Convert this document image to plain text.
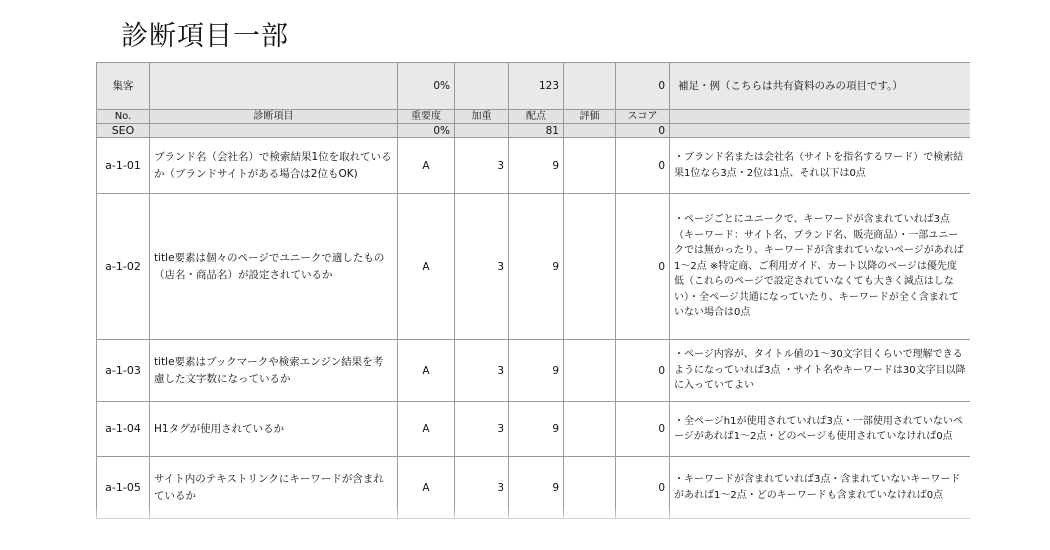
診断項目一部
集客		0%		123		0	補足・例（こちらは共有資料のみの項目です。）
No.	診断項目	重要度	加重	配点	評価	スコア	
SEO		0%		81		0	
a-1-01	ブランド名（会社名）で検索結果1位を取れているか（ブランドサイトがある場合は2位もOK)	A	3	9		0	・ブランド名または会社名（サイトを指名するワード）で検索結果1位なら3点・2位は1点、それ以下は0点
a-1-02	title要素は個々のページでユニークで適したもの（店名・商品名）が設定されているか	A	3	9		0	・ページごとにユニークで、キーワードが含まれていれば3点（キーワード：サイト名、ブランド名、販売商品）・一部ユニークでは無かったり、キーワードが含まれていないページがあれば1〜2点 ※特定商、ご利用ガイド、カート以降のページは優先度低（これらのページで設定されていなくても大きく減点はしない）・全ページ共通になっていたり、キーワードが全く含まれていない場合は0点
a-1-03	title要素はブックマークや検索エンジン結果を考慮した文字数になっているか	A	3	9		0	・ページ内容が、タイトル値の1〜30文字目くらいで理解できるようになっていれば3点 ・サイト名やキーワードは30文字目以降に入っていてよい
a-1-04	H1タグが使用されているか	A	3	9		0	・全ページh1が使用されていれば3点・一部使用されていないページがあれば1〜2点・どのページも使用されていなければ0点
a-1-05	サイト内のテキストリンクにキーワードが含まれているか	A	3	9		0	・キーワードが含まれていれば3点・含まれていないキーワードがあれば1〜2点・どのキーワードも含まれていなければ0点
